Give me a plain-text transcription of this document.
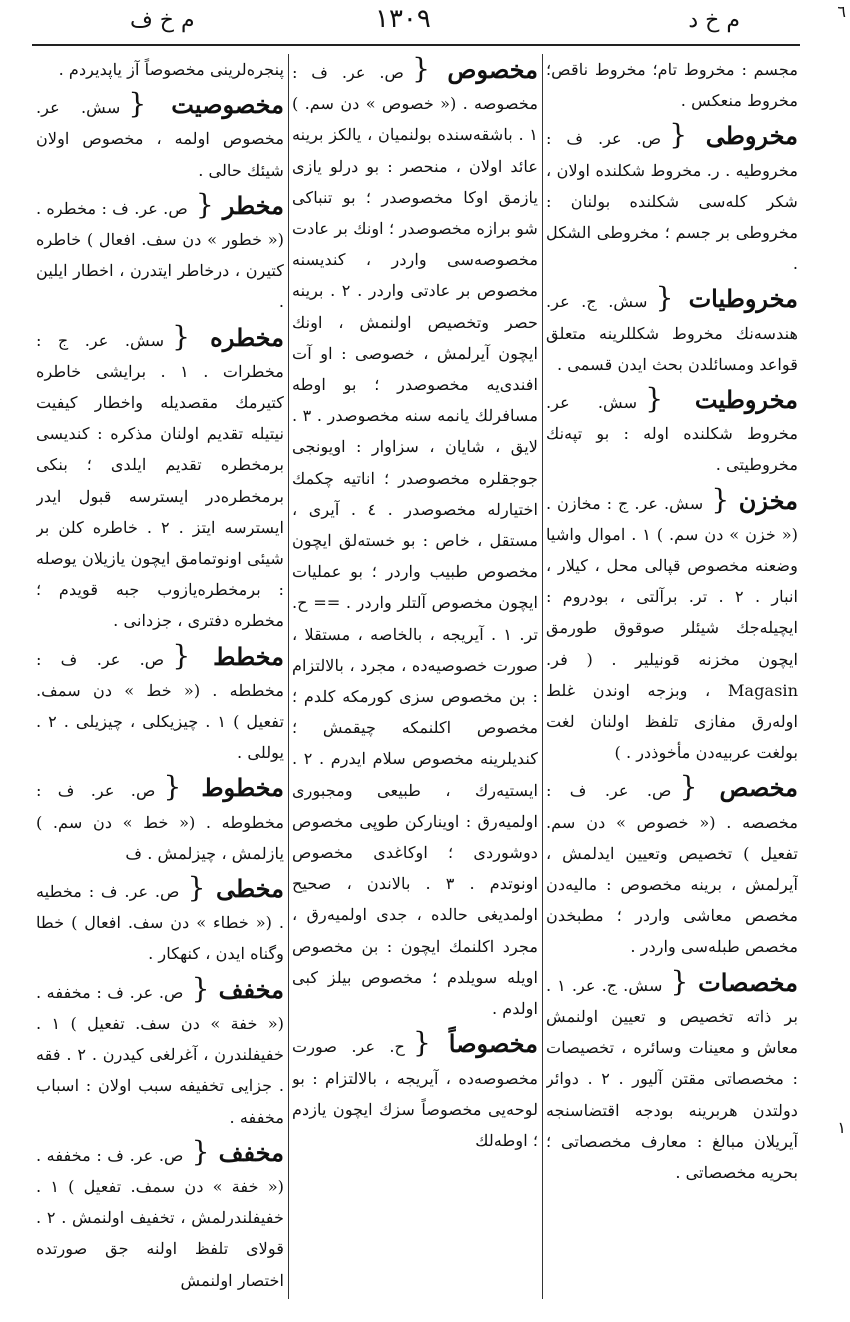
٦
م خ ف	١٣٠٩	م خ د
مجسم : مخروط تام؛ مخروط ناقص؛ مخروط منعكس .
مخروطی {ص. عر. ف : مخروطيه . ر. مخروط شكلنده اولان ، شكر كله‌سى شكلنده بولنان : مخروطی بر جسم ؛ مخروطی الشكل .
مخروطیات {سش. ج. عر. هندسه‌نك مخروط شكللرينه متعلق قواعد ومسائلدن بحث ايدن قسمی .
مخروطیت {سش. عر. مخروط شكلنده اوله : بو تپه‌نك مخروطيتى .
مخزن {سش. عر. ج : مخازن . (« خزن » دن سم. ) ١ . اموال واشيا وضعنه مخصوص قپالى محل ، كيلار ، انبار . ٢ . تر. برآلتى ، بودروم : ايچيله‌جك شيئلر صوقوق طورمق ايچون مخزنه قونيلير . ( فر. Magasin ، وبزجه اوندن غلط اوله‌رق مفازى تلفظ اولنان لغت بولغت عربيه‌دن مأخوذدر . )
مخصص {ص. عر. ف : مخصصه . (« خصوص » دن سم. تفعيل ) تخصيص وتعيين ايدلمش ، آيرلمش ، برينه مخصوص : ماليه‌دن مخصص معاشى واردر ؛ مطبخدن مخصص طبله‌سى واردر .
مخصصات {سش. ج. عر. ١ . بر ذاته تخصيص و تعيين اولنمش معاش و معينات وسائره ، تخصيصات : مخصصاتى مقتن آليور . ٢ . دوائر دولتدن هربرينه بودجه اقتضاسنجه آيريلان مبالغ : معارف مخصصاتى ؛ بحريه مخصصاتى .
مخصوص {ص. عر. ف : مخصوصه . (« خصوص » دن سم. ) ١ . باشقه‌سنده بولنمیان ، يالكز برينه عائد اولان ، منحصر : بو درلو يازى يازمق اوكا مخصوصدر ؛ بو تنباكى شو برازه مخصوصدر ؛ اونك بر عادت مخصوصه‌سى واردر ، كنديسنه مخصوص بر عادتى واردر . ٢ . برينه حصر وتخصيص اولنمش ، اونك ايچون آيرلمش ، خصوصى : او آت افندى‌يه مخصوصدر ؛ بو اوطه مسافرلك يانمه سنه مخصوصدر . ٣ . لايق ، شايان ، سزاوار : اويونجى جوجقلره مخصوصدر ؛ اناتيه چكمك اختيارله مخصوصدر . ٤ . آيرى ، مستقل ، خاص : بو خسته‌لق ايچون مخصوص طبيب واردر ؛ بو عمليات ايچون مخصوص آلتلر واردر . == ح. تر. ١ . آيريجه ، بالخاصه ، مستقلا ، صورت خصوصيه‌ده ، مجرد ، بالالتزام : بن مخصوص سزى كورمكه كلدم ؛ مخصوص اكلنمكه چيقمش ؛ كنديلرينه مخصوص سلام ايدرم . ٢ . ايستيه‌رك ، طبيعى ومجبورى اولميه‌رق : اوينا‌ركن طوپى مخصوص دوشوردى ؛ اوكاغدى مخصوص اونوتدم . ٣ . بالاندن ، صحيح اولمديغى حالده ، جدى اولميه‌رق ، مجرد اكلنمك ايچون : بن مخصوص اويله سويلدم ؛ مخصوص بيلز كبى اولدم .
مخصوصاً {ح. عر. صورت مخصوصه‌ده ، آيريجه ، بالالتزام : بو لوحه‌يى مخصوصاً سزك ايچون يازدم ؛ اوطه‌لك
پنجره‌لرينى مخصوصاً آز ياپديردم .
مخصوصیت {سش. عر. مخصوص اولمه ، مخصوص اولان شيئك حالى .
مخطر {ص. عر. ف : مخطره . (« خطور » دن سف. افعال ) خاطره كتيرن ، درخاطر ايتدرن ، اخطار ايلين .
مخطره {سش. عر. ج : مخطرات . ١ . برايشى خاطره كتيرمك مقصديله واخطار كيفيت نيتيله تقديم اولنان مذكره : كنديسى برمخطره تقديم ايلدى ؛ بنكى برمخطره‌در ايسترسه قبول ايدر ايسترسه ايتز . ٢ . خاطره كلن بر شيئى اونوتمامق ايچون يازيلان يوصله : برمخطره‌يازوب جبه قويدم ؛ مخطره دفترى ، جزدانى .
مخطط {ص. عر. ف : مخططه . (« خط » دن سمف. تفعيل ) ١ . چيزيكلى ، چيزيلى . ٢ . يوللى .
مخطوط {ص. عر. ف : مخطوطه . (« خط » دن سم. ) يازلمش ، چيزلمش . ف
مخطى {ص. عر. ف : مخطيه . (« خطاء » دن سف. افعال ) خطا وگناه ايدن ، كنهكار .
مخفف {ص. عر. ف : مخففه . (« خفة » دن سف. تفعيل ) ١ . خفيفلندرن ، آغرلغى كيدرن . ٢ . فقه . جزايى تخفيفه سبب اولان : اسباب مخففه .
مخفف {ص. عر. ف : مخففه . (« خفة » دن سمف. تفعيل ) ١ . خفيفلندرلمش ، تخفيف اولنمش . ٢ . قولاى تلفظ اولنه جق صورتده اختصار اولنمش
١
